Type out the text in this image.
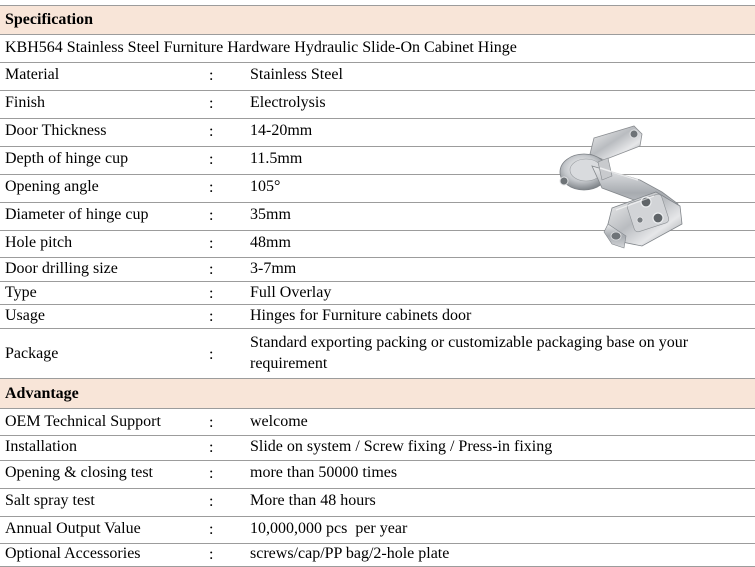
Specification
KBH564 Stainless Steel Furniture Hardware Hydraulic Slide-On Cabinet Hinge
Material	: Stainless Steel
Finish	: Electrolysis
Door Thickness	: 14-20mm
Depth of hinge cup	: 11.5mm
Opening angle	: 105°
Diameter of hinge cup	: 35mm
Hole pitch	: 48mm
Door drilling size	: 3-7mm
Type	: Full Overlay
Usage	: Hinges for Furniture cabinets door
Package	:
Standard exporting packing or customizable packaging base on your requirement
Advantage
OEM Technical Support	: welcome
Installation	: Slide on system / Screw fixing / Press-in fixing
Opening & closing test	: more than 50000 times
Salt spray test	: More than 48 hours
Annual Output Value	: 10,000,000 pcs  per year
Optional Accessories	: screws/cap/PP bag/2-hole plate
